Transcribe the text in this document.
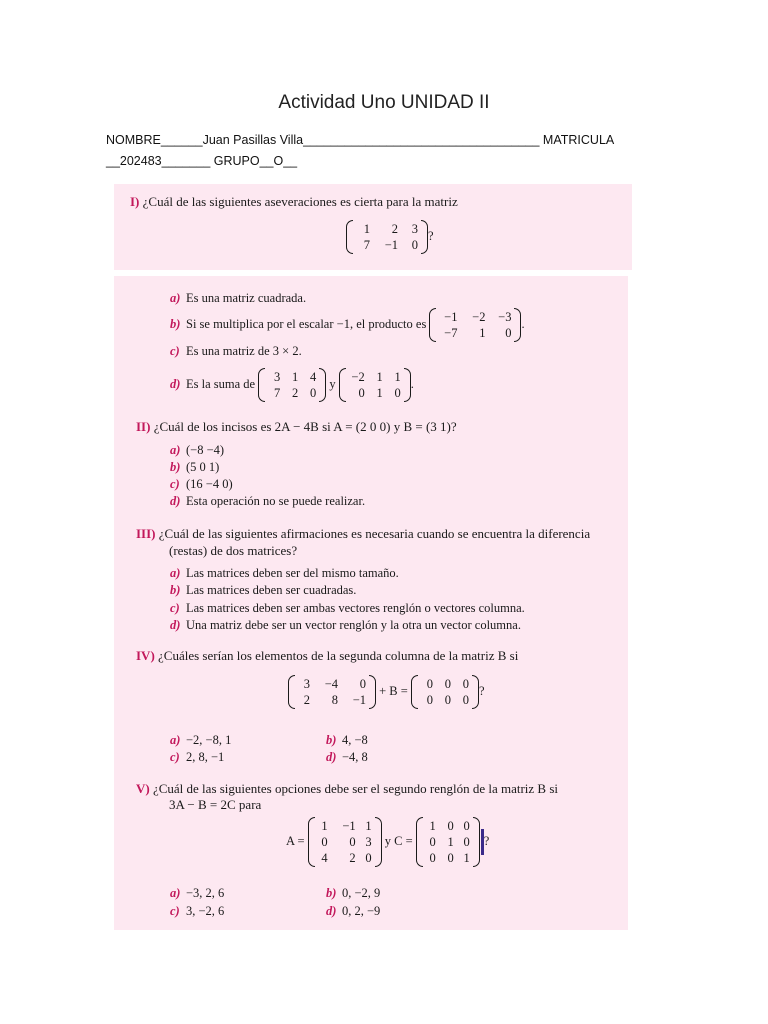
Actividad Uno UNIDAD II
NOMBRE______Juan Pasillas Villa__________________________________ MATRICULA
__202483_______ GRUPO__O__
I) ¿Cuál de las siguientes aseveraciones es cierta para la matriz
1	2	3
7	−1	0
?
a) Es una matriz cuadrada.
b) Si se multiplica por el escalar −1, el producto es	−1	−2	−3
−7	1	0
.
c) Es una matriz de 3 × 2.
d) Es la suma de	3 1 4
7 2 0
y −2 1 1
0 1 0
.
II) ¿Cuál de los incisos es 2A − 4B si A = (2 0 0) y B = (3 1)?
a) (−8 −4)
b) (5 0 1)
c) (16 −4 0)
d) Esta operación no se puede realizar.
III) ¿Cuál de las siguientes afirmaciones es necesaria cuando se encuentra la diferencia
(restas) de dos matrices?
a) Las matrices deben ser del mismo tamaño.
b) Las matrices deben ser cuadradas.
c) Las matrices deben ser ambas vectores renglón o vectores columna.
d) Una matriz debe ser un vector renglón y la otra un vector columna.
IV) ¿Cuáles serían los elementos de la segunda columna de la matriz B si
3	−4	0
2	8	−1
+ B =	0 0 0
0 0 0
?
a) −2, −8, 1	b) 4, −8
c) 2, 8, −1	d) −4, 8
V) ¿Cuál de las siguientes opciones debe ser el segundo renglón de la matriz B si
3A − B = 2C para
A =
1	−1 1
0	0 3
4	2 0
y C =
1 0 0
0 1 0
0 0 1
?
a) −3, 2, 6	b) 0, −2, 9
c) 3, −2, 6	d) 0, 2, −9
